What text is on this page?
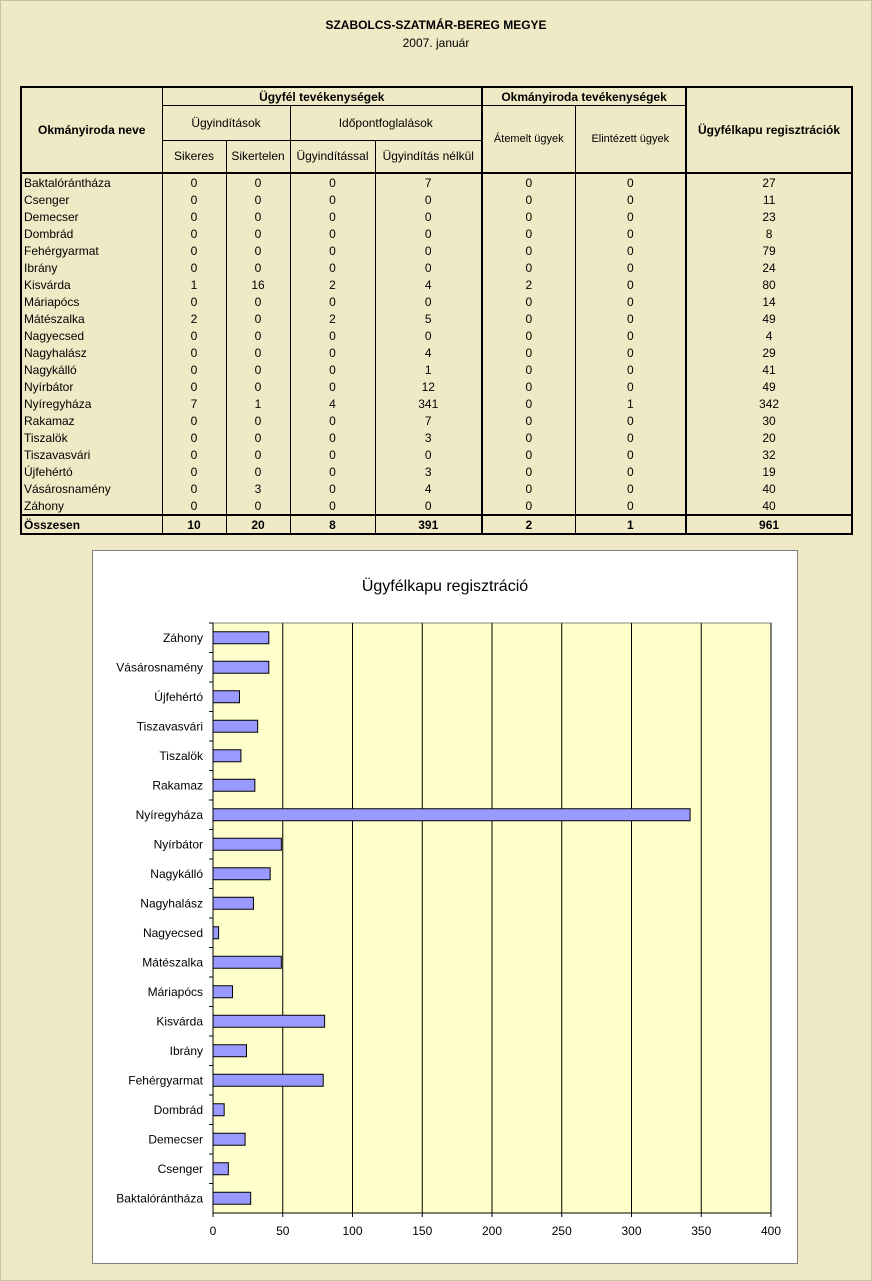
SZABOLCS-SZATMÁR-BEREG MEGYE
2007. január
Okmányiroda neve	Ügyfél tevékenységek				Okmányiroda tevékenységek		Ügyfélkapu regisztrációk
	Ügyindítások		Időpontfoglalások		Átemelt ügyek	Elintézett ügyek	
	Sikeres	Sikertelen	Ügyindítással	Ügyindítás nélkül			
Baktalórántháza	0	0	0	7	0	0	27
Csenger	0	0	0	0	0	0	11
Demecser	0	0	0	0	0	0	23
Dombrád	0	0	0	0	0	0	8
Fehérgyarmat	0	0	0	0	0	0	79
Ibrány	0	0	0	0	0	0	24
Kisvárda	1	16	2	4	2	0	80
Máriapócs	0	0	0	0	0	0	14
Mátészalka	2	0	2	5	0	0	49
Nagyecsed	0	0	0	0	0	0	4
Nagyhalász	0	0	0	4	0	0	29
Nagykálló	0	0	0	1	0	0	41
Nyírbátor	0	0	0	12	0	0	49
Nyíregyháza	7	1	4	341	0	1	342
Rakamaz	0	0	0	7	0	0	30
Tiszalök	0	0	0	3	0	0	20
Tiszavasvári	0	0	0	0	0	0	32
Újfehértó	0	0	0	3	0	0	19
Vásárosnamény	0	3	0	4	0	0	40
Záhony	0	0	0	0	0	0	40
Összesen	10	20	8	391	2	1	961
Ügyfélkapu regisztráció
0	50	100	150	200	250	300	350	400
Záhony
Vásárosnamény
Újfehértó
Tiszavasvári
Tiszalök
Rakamaz
Nyíregyháza
Nyírbátor
Nagykálló
Nagyhalász
Nagyecsed
Mátészalka
Máriapócs
Kisvárda
Ibrány
Fehérgyarmat
Dombrád
Demecser
Csenger
Baktalórántháza
